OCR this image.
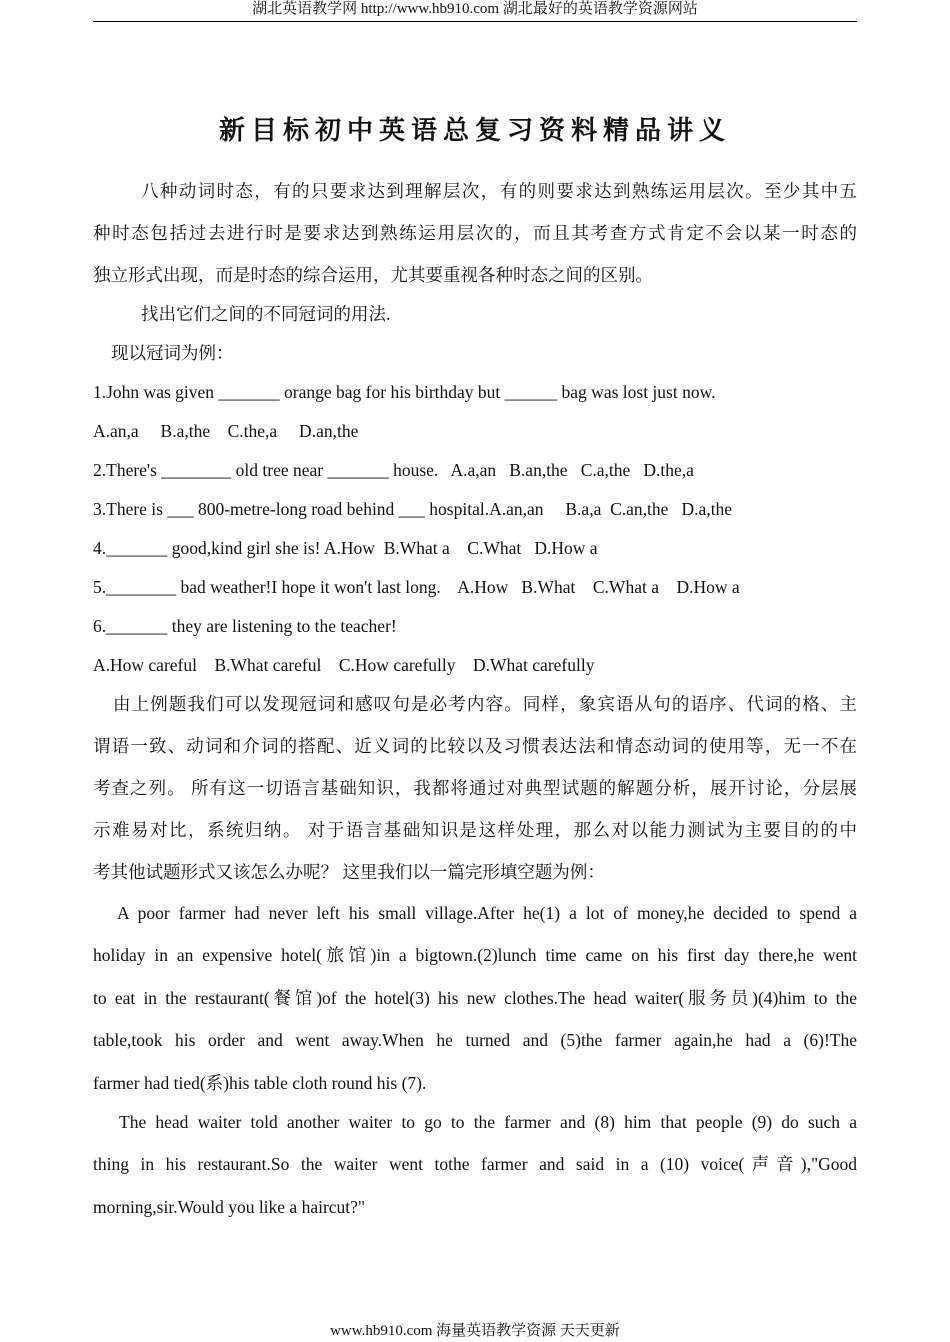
湖北英语教学网 http://www.hb910.com 湖北最好的英语教学资源网站
新目标初中英语总复习资料精品讲义
八种动词时态，有的只要求达到理解层次，有的则要求达到熟练运用层次。至少其中五
种时态包括过去进行时是要求达到熟练运用层次的，而且其考查方式肯定不会以某一时态的
独立形式出现，而是时态的综合运用，尤其要重视各种时态之间的区别。
找出它们之间的不同冠词的用法.
现以冠词为例：
1.John was given _______ orange bag for his birthday but ______ bag was lost just now.
A.an,a     B.a,the    C.the,a     D.an,the
2.There's ________ old tree near _______ house.   A.a,an   B.an,the   C.a,the   D.the,a
3.There is ___ 800-metre-long road behind ___ hospital.A.an,an     B.a,a  C.an,the   D.a,the
4._______ good,kind girl she is! A.How  B.What a    C.What   D.How a
5.________ bad weather!I hope it won't last long.    A.How   B.What    C.What a    D.How a
6._______ they are listening to the teacher!
A.How careful    B.What careful    C.How carefully    D.What carefully
由上例题我们可以发现冠词和感叹句是必考内容。同样，象宾语从句的语序、代词的格、主
谓语一致、动词和介词的搭配、近义词的比较以及习惯表达法和情态动词的使用等，无一不在
考查之列。 所有这一切语言基础知识，我都将通过对典型试题的解题分析，展开讨论，分层展
示难易对比，系统归纳。 对于语言基础知识是这样处理，那么对以能力测试为主要目的的中
考其他试题形式又该怎么办呢？ 这里我们以一篇完形填空题为例：
A poor farmer had never left his small village.After he(1) a lot of money,he decided to spend a
holiday in an expensive hotel(旅馆)in a bigtown.(2)lunch time came on his first day there,he went
to eat in the restaurant(餐馆)of the hotel(3) his new clothes.The head waiter(服务员)(4)him to the
table,took his order and went away.When he turned and (5)the farmer again,he had a (6)!The
farmer had tied(系)his table cloth round his (7).
The head waiter told another waiter to go to the farmer and (8) him that people (9) do such a
thing in his restaurant.So the waiter went tothe farmer and said in a (10) voice(声音),"Good
morning,sir.Would you like a haircut?"
www.hb910.com 海量英语教学资源 天天更新
